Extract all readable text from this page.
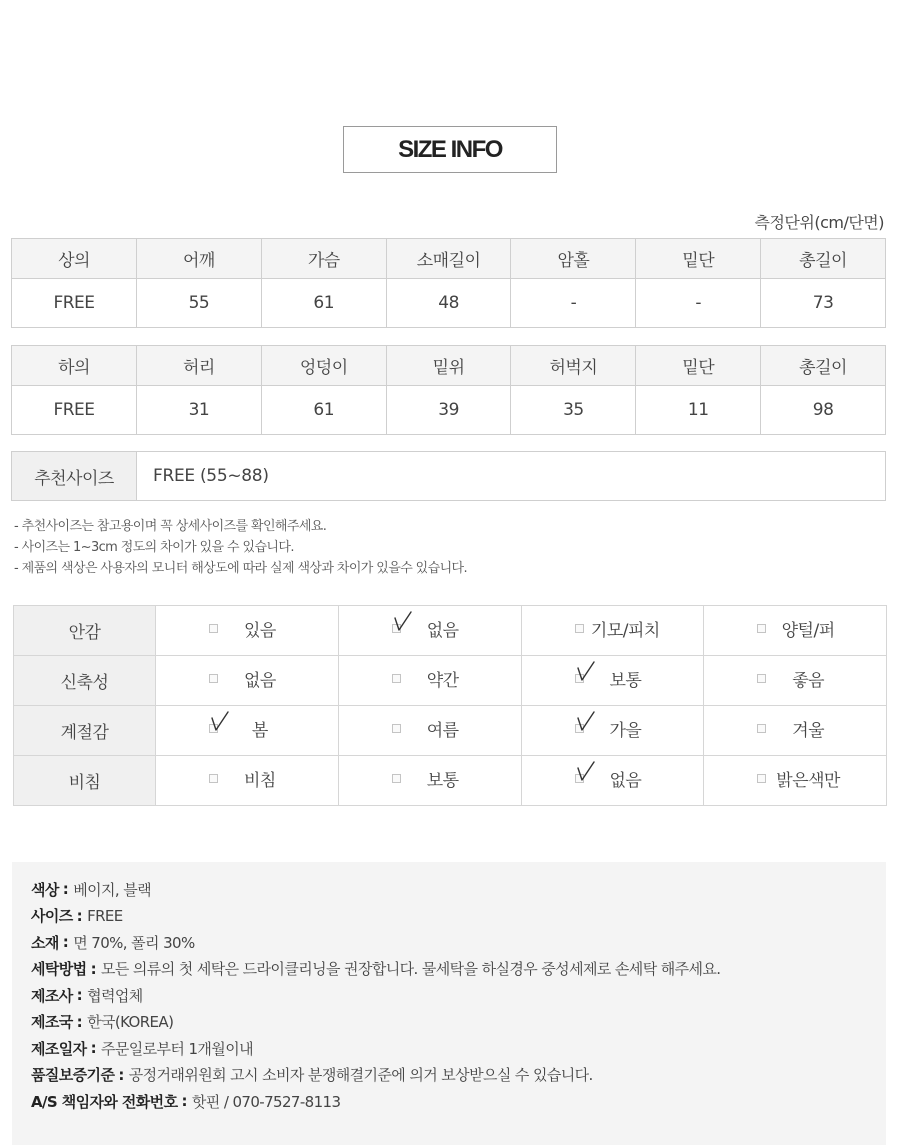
SIZE INFO
측정단위(cm/단면)
상의	어깨	가슴	소매길이	암홀	밑단	총길이
FREE	55	61	48	-	-	73
하의	허리	엉덩이	밑위	허벅지	밑단	총길이
FREE	31	61	39	35	11	98
추천사이즈	FREE (55~88)
- 추천사이즈는 참고용이며 꼭 상세사이즈를 확인해주세요.
- 사이즈는 1~3cm 정도의 차이가 있을 수 있습니다.
- 제품의 색상은 사용자의 모니터 해상도에 따라 실제 색상과 차이가 있을수 있습니다.
안감	있음	없음	기모/피치	양털/퍼

신축성	없음	약간	보통	좋음

계절감	봄	여름	가을	겨울

비침	비침	보통	없음	밝은색만
색상 : 베이지, 블랙
사이즈 : FREE
소재 : 면 70%, 폴리 30%
세탁방법 : 모든 의류의 첫 세탁은 드라이클리닝을 권장합니다. 물세탁을 하실경우 중성세제로 손세탁 해주세요.
제조사 : 협력업체
제조국 : 한국(KOREA)
제조일자 : 주문일로부터 1개월이내
품질보증기준 : 공정거래위원회 고시 소비자 분쟁해결기준에 의거 보상받으실 수 있습니다.
A/S 책임자와 전화번호 : 핫핀 / 070-7527-8113
